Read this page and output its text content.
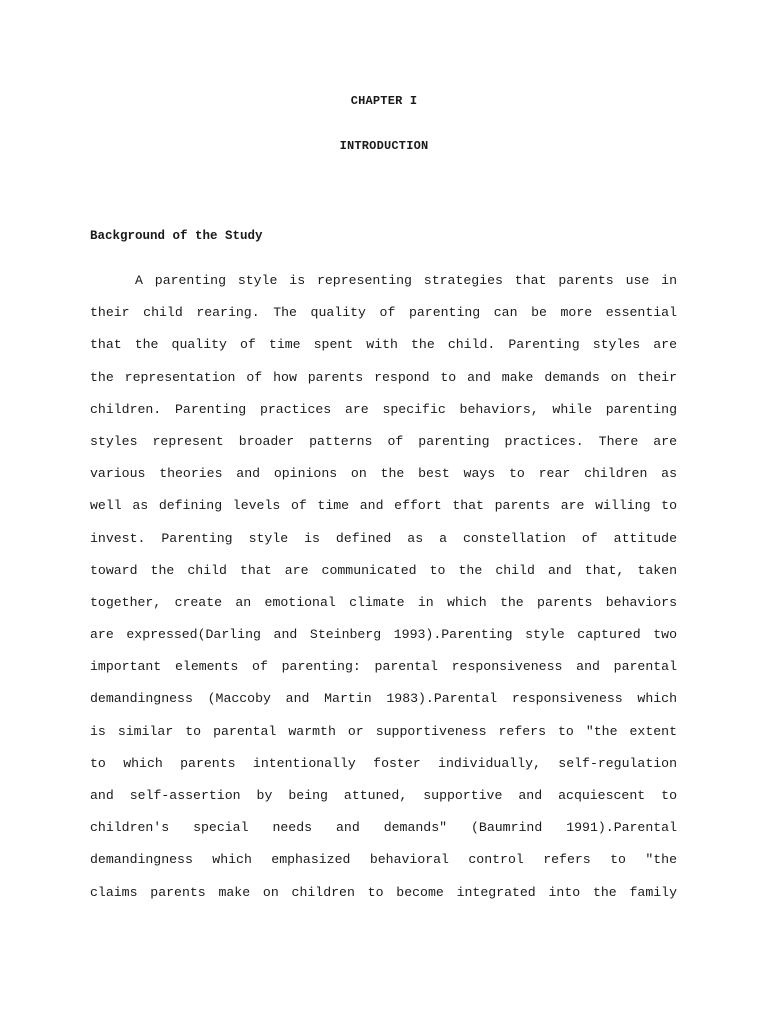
CHAPTER I
INTRODUCTION
Background of the Study
A parenting style is representing strategies that parents use in
their child rearing. The quality of parenting can be more essential
that the quality of time spent with the child. Parenting styles are
the representation of how parents respond to and make demands on their
children. Parenting practices are specific behaviors, while parenting
styles represent broader patterns of parenting practices. There are
various theories and opinions on the best ways to rear children as
well as defining levels of time and effort that parents are willing to
invest. Parenting style is defined as a constellation of attitude
toward the child that are communicated to the child and that, taken
together, create an emotional climate in which the parents behaviors
are expressed(Darling and Steinberg 1993).Parenting style captured two
important elements of parenting: parental responsiveness and parental
demandingness (Maccoby and Martin 1983).Parental responsiveness which
is similar to parental warmth or supportiveness refers to "the extent
to which parents intentionally foster individually, self-regulation
and self-assertion by being attuned, supportive and acquiescent to
children's special needs and demands" (Baumrind 1991).Parental
demandingness which emphasized behavioral control refers to "the
claims parents make on children to become integrated into the family
